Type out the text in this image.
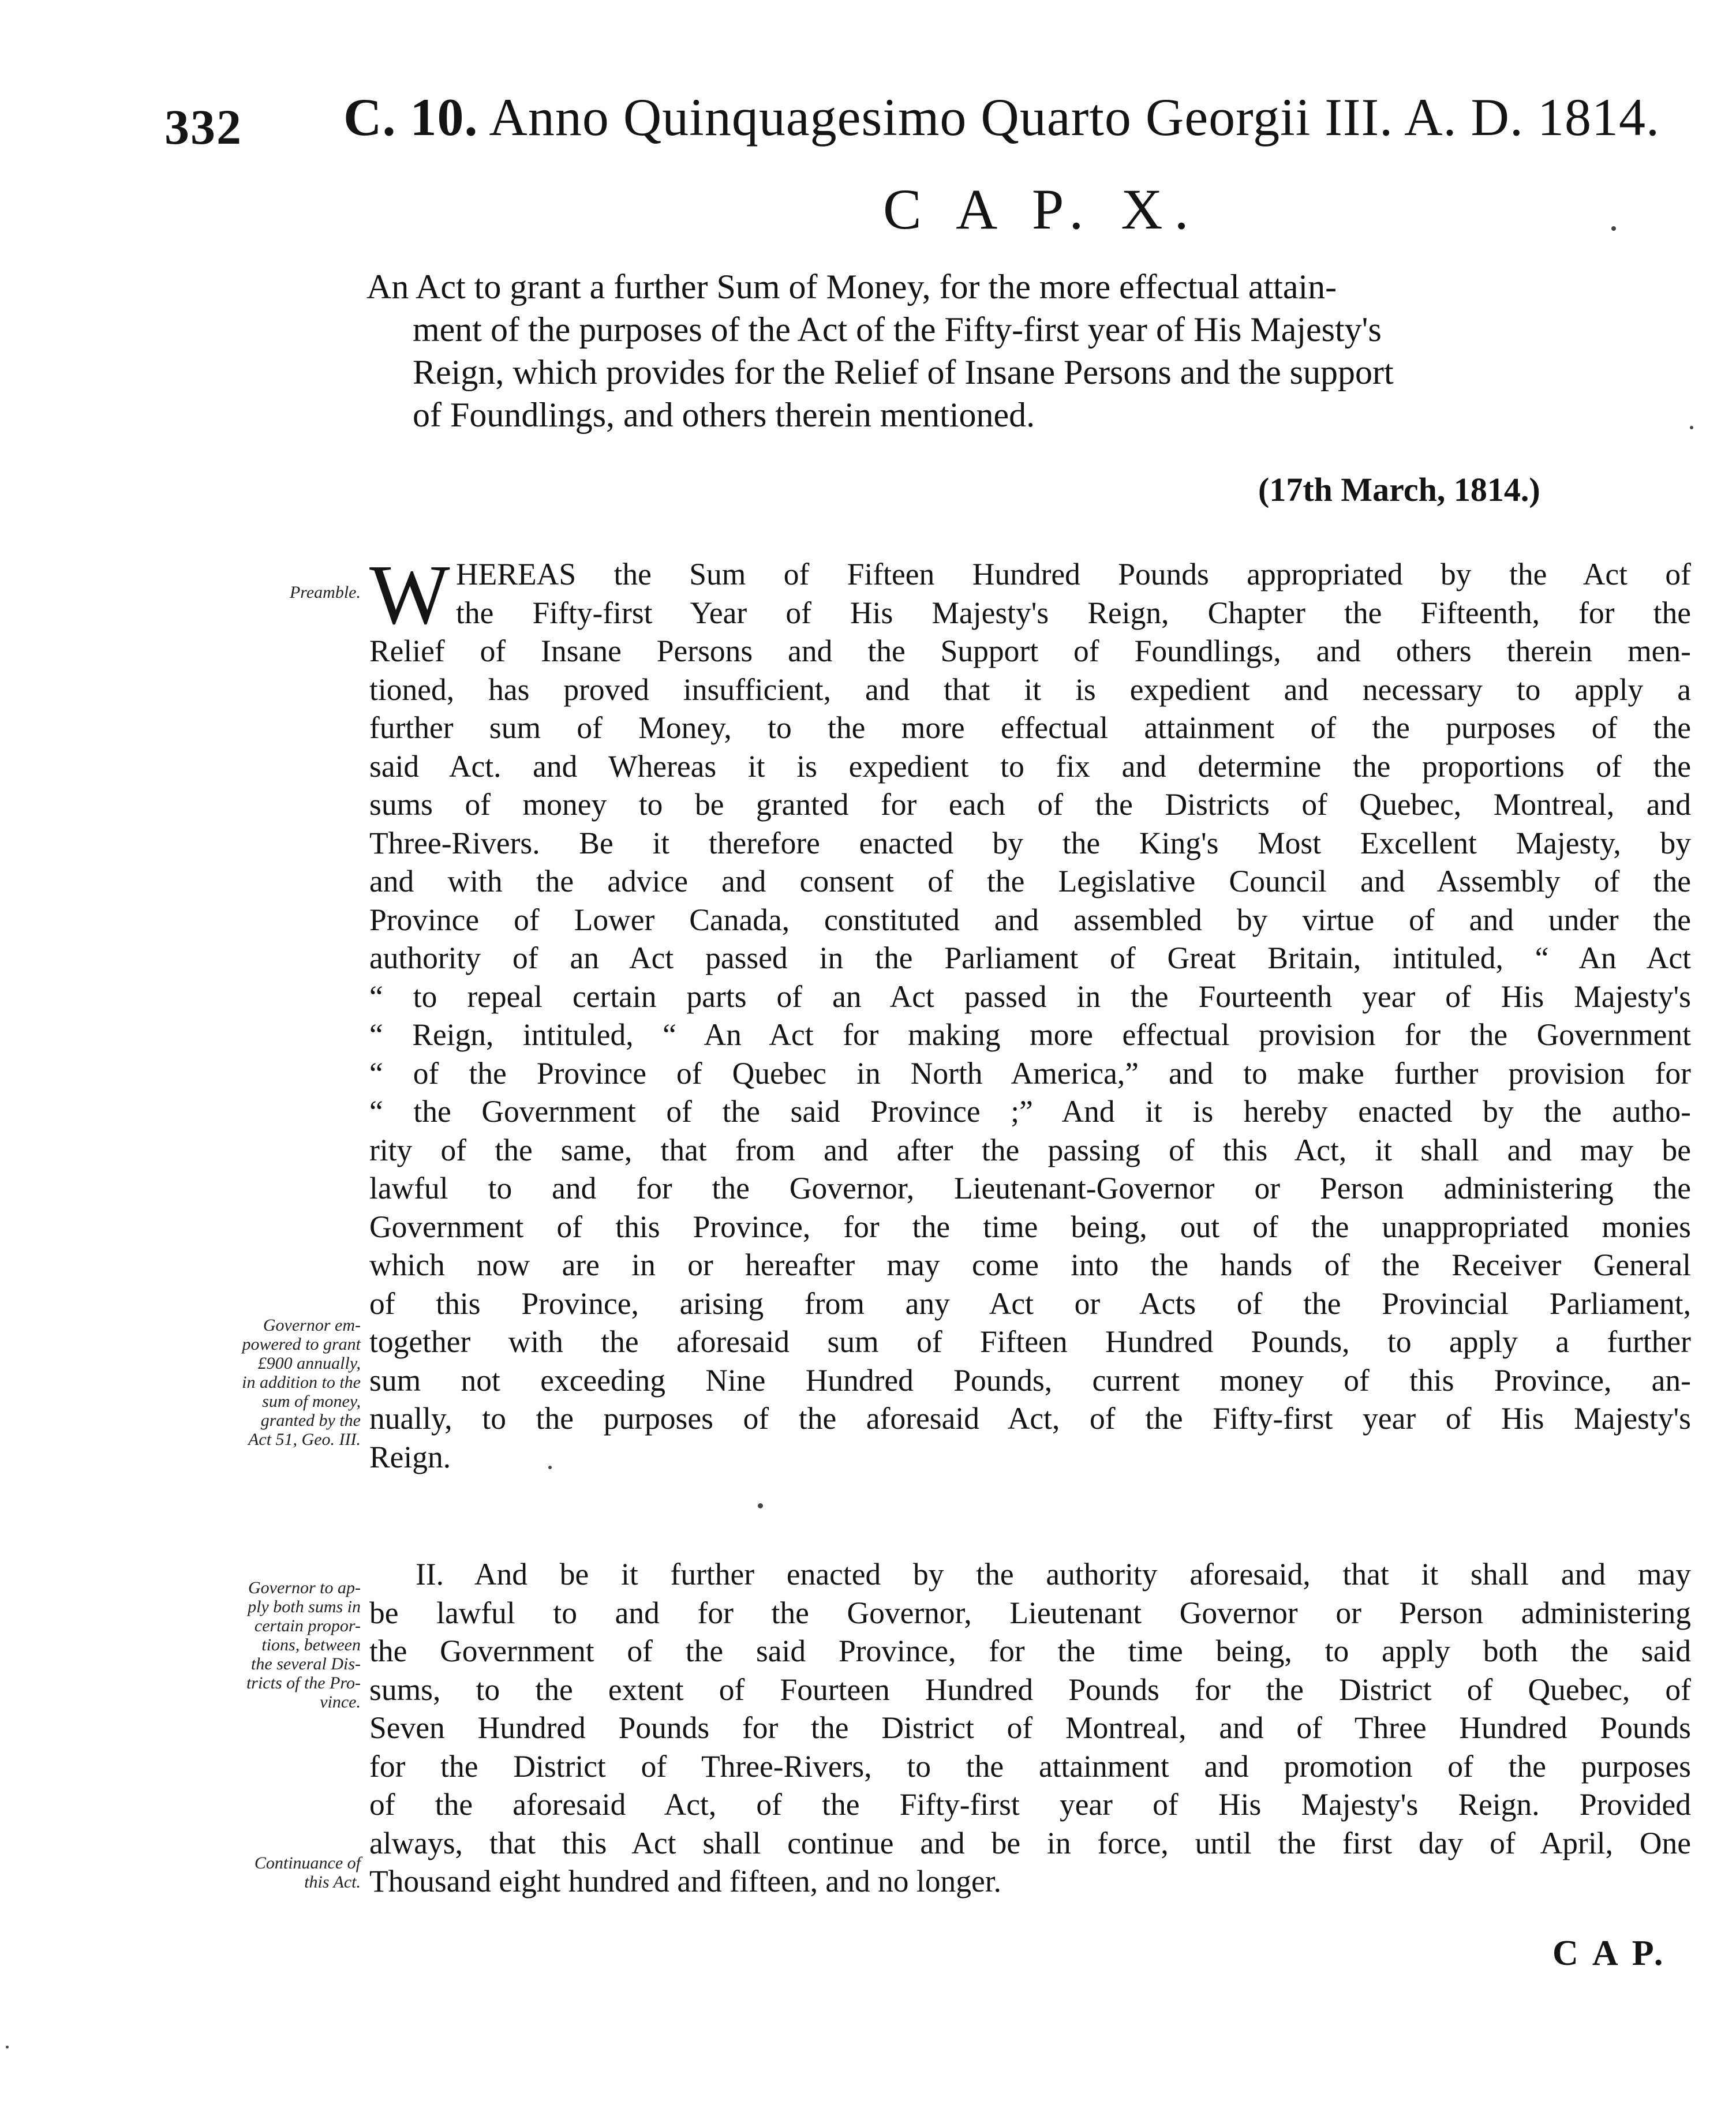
332 C. 10. Anno Quinquagesimo Quarto Georgii III. A. D. 1814.
C A P. X.
An Act to grant a further Sum of Money, for the more effectual attain-
ment of the purposes of the Act of the Fifty-first year of His Majesty's
Reign, which provides for the Relief of Insane Persons and the support
of Foundlings, and others therein mentioned.
(17th March, 1814.)
Preamble.
Governor em-
powered to grant
£900 annually,
in addition to the
sum of money,
granted by the
Act 51, Geo. III.
Governor to ap-
ply both sums in
certain propor-
tions, between
the several Dis-
tricts of the Pro-
vince.
Continuance of
this Act.
W HEREAS the Sum of Fifteen Hundred Pounds appropriated by the Act of
the Fifty-first Year of His Majesty's Reign, Chapter the Fifteenth, for the
Relief of Insane Persons and the Support of Foundlings, and others therein men-
tioned, has proved insufficient, and that it is expedient and necessary to apply a
further sum of Money, to the more effectual attainment of the purposes of the
said Act. and Whereas it is expedient to fix and determine the proportions of the
sums of money to be granted for each of the Districts of Quebec, Montreal, and
Three-Rivers. Be it therefore enacted by the King's Most Excellent Majesty, by
and with the advice and consent of the Legislative Council and Assembly of the
Province of Lower Canada, constituted and assembled by virtue of and under the
authority of an Act passed in the Parliament of Great Britain, intituled, “ An Act
“ to repeal certain parts of an Act passed in the Fourteenth year of His Majesty's
“ Reign, intituled, “ An Act for making more effectual provision for the Government
“ of the Province of Quebec in North America,” and to make further provision for
“ the Government of the said Province ;” And it is hereby enacted by the autho-
rity of the same, that from and after the passing of this Act, it shall and may be
lawful to and for the Governor, Lieutenant-Governor or Person administering the
Government of this Province, for the time being, out of the unappropriated monies
which now are in or hereafter may come into the hands of the Receiver General
of this Province, arising from any Act or Acts of the Provincial Parliament,
together with the aforesaid sum of Fifteen Hundred Pounds, to apply a further
sum not exceeding Nine Hundred Pounds, current money of this Province, an-
nually, to the purposes of the aforesaid Act, of the Fifty-first year of His Majesty's
Reign.
II. And be it further enacted by the authority aforesaid, that it shall and may
be lawful to and for the Governor, Lieutenant Governor or Person administering
the Government of the said Province, for the time being, to apply both the said
sums, to the extent of Fourteen Hundred Pounds for the District of Quebec, of
Seven Hundred Pounds for the District of Montreal, and of Three Hundred Pounds
for the District of Three-Rivers, to the attainment and promotion of the purposes
of the aforesaid Act, of the Fifty-first year of His Majesty's Reign. Provided
always, that this Act shall continue and be in force, until the first day of April, One
Thousand eight hundred and fifteen, and no longer.
C A P.
